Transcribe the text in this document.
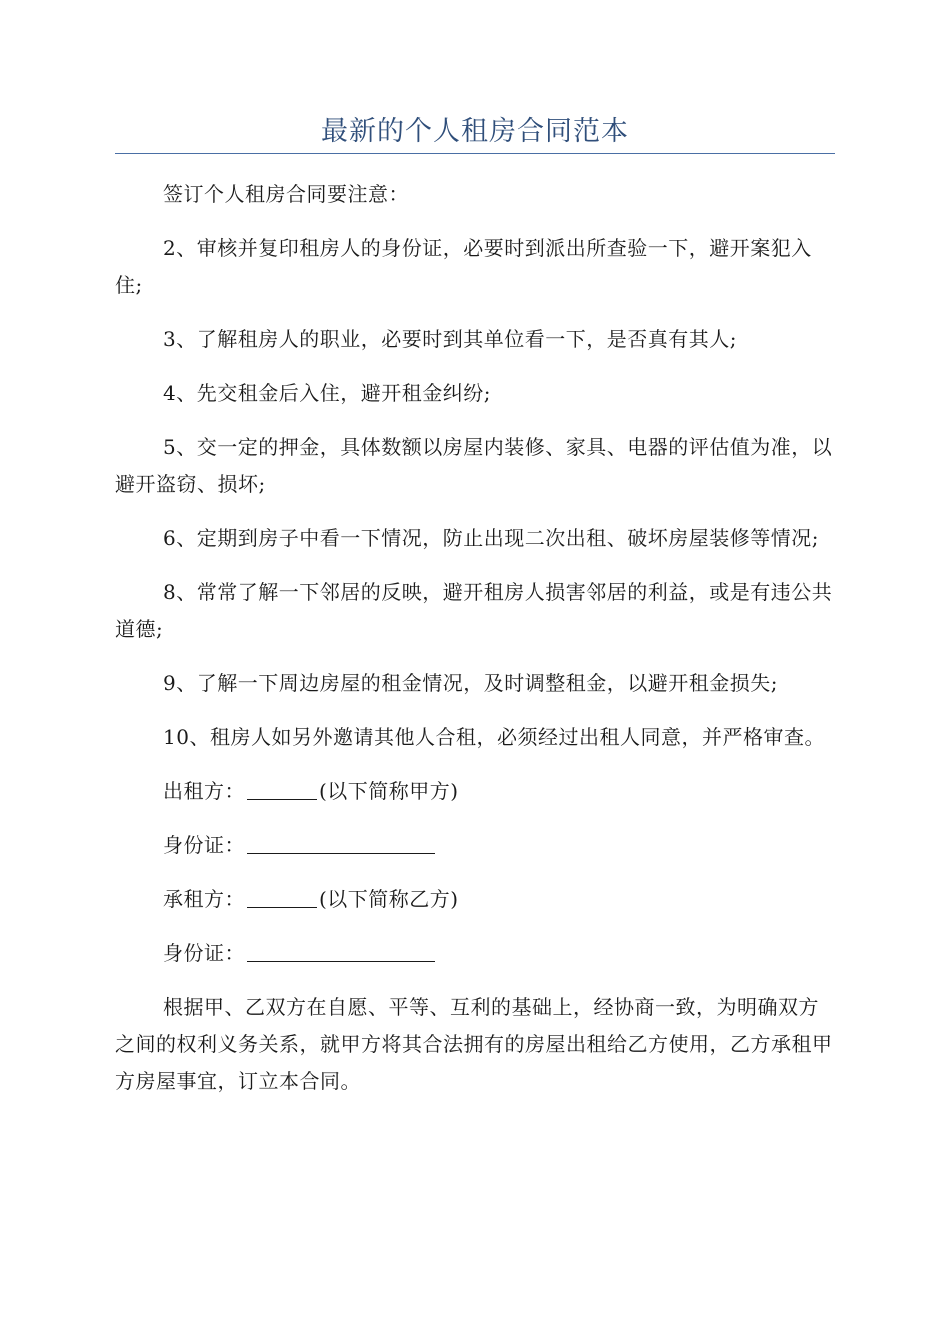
最新的个人租房合同范本

签订个人租房合同要注意：

2、审核并复印租房人的身份证，必要时到派出所查验一下，避开案犯入住;

3、了解租房人的职业，必要时到其单位看一下，是否真有其人;

4、先交租金后入住，避开租金纠纷;

5、交一定的押金，具体数额以房屋内装修、家具、电器的评估值为准，以避开盗窃、损坏;

6、定期到房子中看一下情况，防止出现二次出租、破坏房屋装修等情况;

8、常常了解一下邻居的反映，避开租房人损害邻居的利益，或是有违公共道德;

9、了解一下周边房屋的租金情况，及时调整租金，以避开租金损失;

10、租房人如另外邀请其他人合租，必须经过出租人同意，并严格审查。

出租方：	(以下简称甲方)

身份证：

承租方：	(以下简称乙方)

身份证：

根据甲、乙双方在自愿、平等、互利的基础上，经协商一致，为明确双方之间的权利义务关系，就甲方将其合法拥有的房屋出租给乙方使用，乙方承租甲方房屋事宜，订立本合同。
